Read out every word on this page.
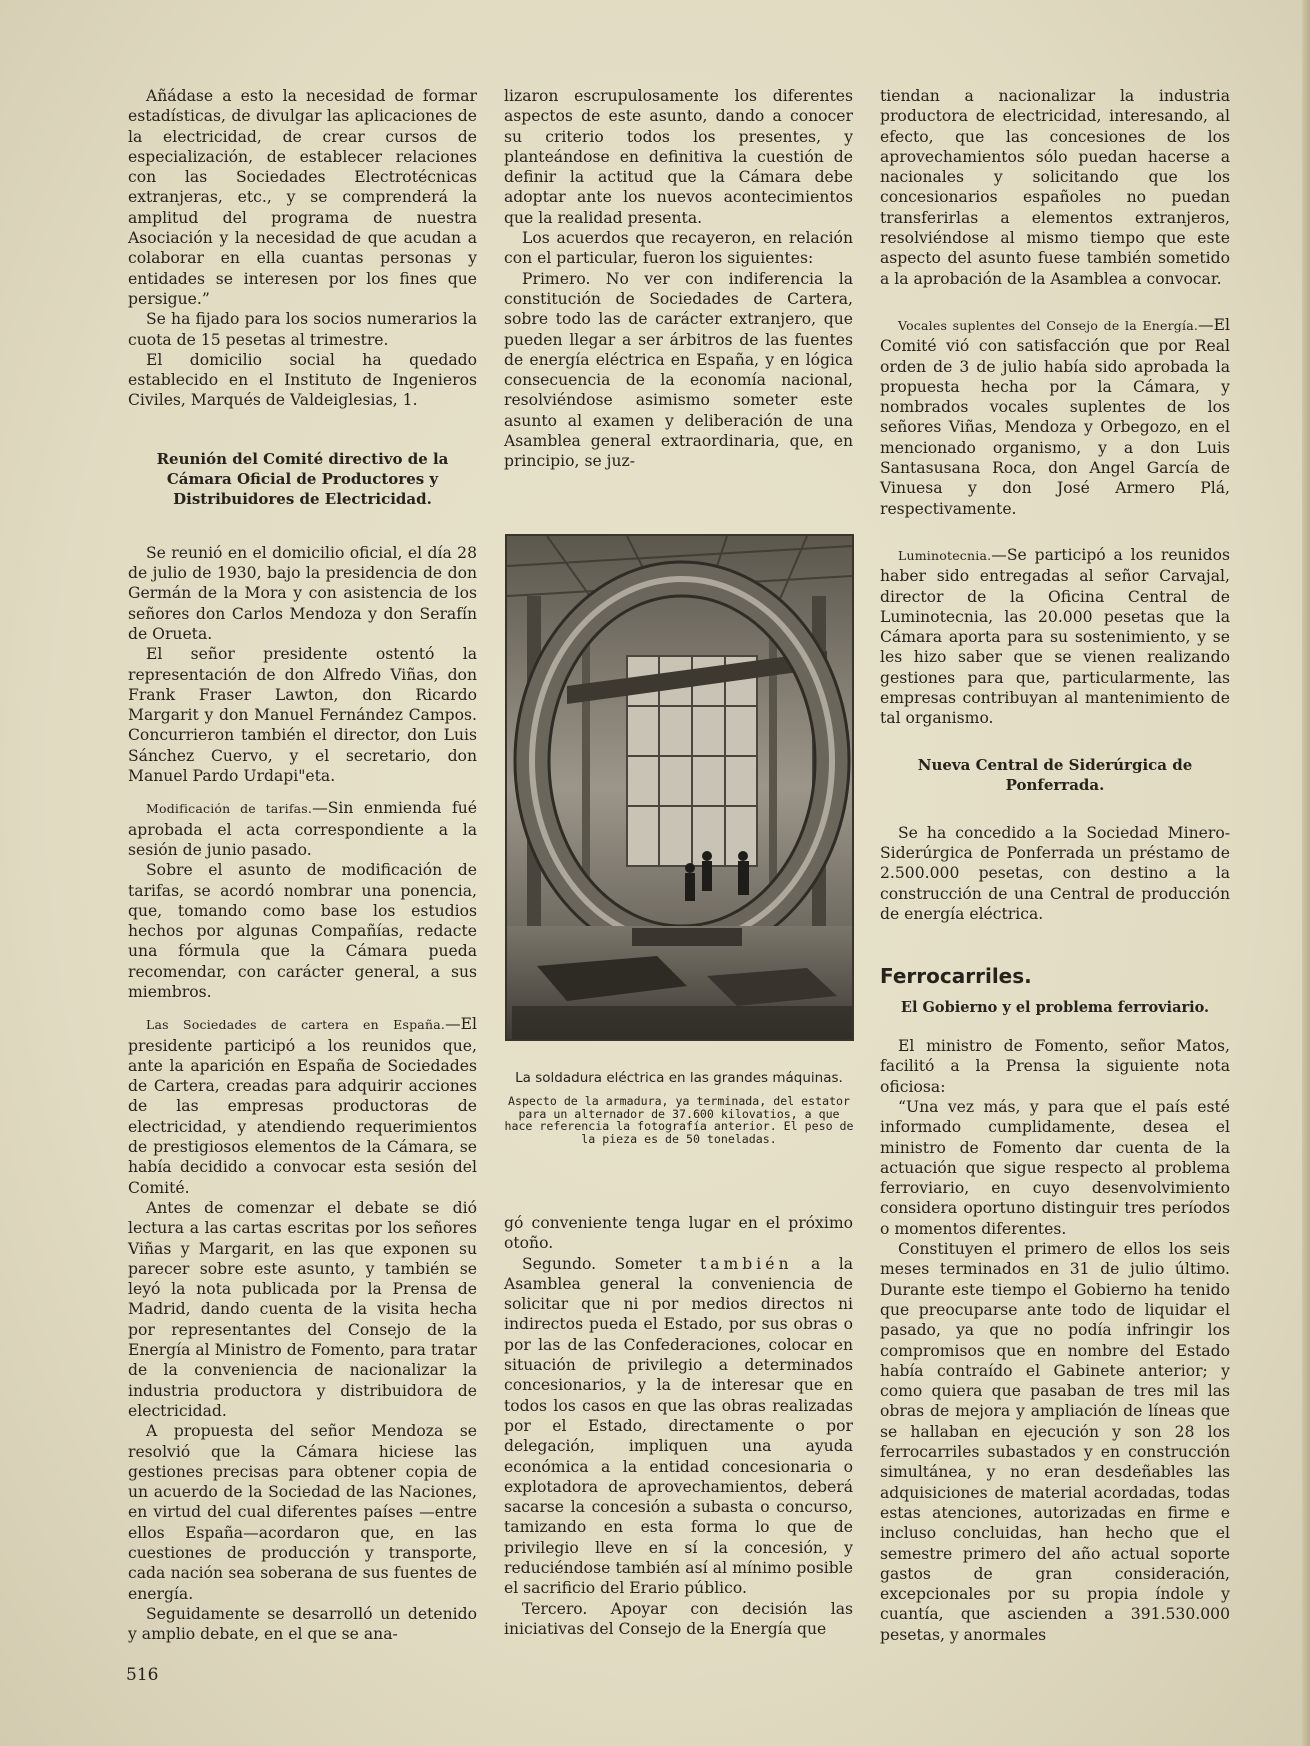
Añádase a esto la necesidad de formar estadísticas, de divulgar las aplicaciones de la electricidad, de crear cursos de especialización, de establecer relaciones con las Sociedades Electrotécnicas extranjeras, etc., y se comprenderá la amplitud del programa de nuestra Asociación y la necesidad de que acudan a colaborar en ella cuantas personas y entidades se interesen por los fines que persigue.”

Se ha fijado para los socios numerarios la cuota de 15 pesetas al trimestre.

El domicilio social ha quedado establecido en el Instituto de Ingenieros Civiles, Marqués de Valdeiglesias, 1.

Reunión del Comité directivo de la Cámara Oficial de Productores y Distribuidores de Electricidad.

Se reunió en el domicilio oficial, el día 28 de julio de 1930, bajo la presidencia de don Germán de la Mora y con asistencia de los señores don Carlos Mendoza y don Serafín de Orueta.

El señor presidente ostentó la representación de don Alfredo Viñas, don Frank Fraser Lawton, don Ricardo Margarit y don Manuel Fernández Campos. Concurrieron también el director, don Luis Sánchez Cuervo, y el secretario, don Manuel Pardo Urdapi"eta.

Modificación de tarifas.—Sin enmienda fué aprobada el acta correspondiente a la sesión de junio pasado.

Sobre el asunto de modificación de tarifas, se acordó nombrar una ponencia, que, tomando como base los estudios hechos por algunas Compañías, redacte una fórmula que la Cámara pueda recomendar, con carácter general, a sus miembros.

Las Sociedades de cartera en España.—El presidente participó a los reunidos que, ante la aparición en España de Sociedades de Cartera, creadas para adquirir acciones de las empresas productoras de electricidad, y atendiendo requerimientos de prestigiosos elementos de la Cámara, se había decidido a convocar esta sesión del Comité.

Antes de comenzar el debate se dió lectura a las cartas escritas por los señores Viñas y Margarit, en las que exponen su parecer sobre este asunto, y también se leyó la nota publicada por la Prensa de Madrid, dando cuenta de la visita hecha por representantes del Consejo de la Energía al Ministro de Fomento, para tratar de la conveniencia de nacionalizar la industria productora y distribuidora de electricidad.

A propuesta del señor Mendoza se resolvió que la Cámara hiciese las gestiones precisas para obtener copia de un acuerdo de la Sociedad de las Naciones, en virtud del cual diferentes países —entre ellos España—acordaron que, en las cuestiones de producción y transporte, cada nación sea soberana de sus fuentes de energía.

Seguidamente se desarrolló un detenido y amplio debate, en el que se ana-

lizaron escrupulosamente los diferentes aspectos de este asunto, dando a conocer su criterio todos los presentes, y planteándose en definitiva la cuestión de definir la actitud que la Cámara debe adoptar ante los nuevos acontecimientos que la realidad presenta.

Los acuerdos que recayeron, en relación con el particular, fueron los siguientes:

Primero. No ver con indiferencia la constitución de Sociedades de Cartera, sobre todo las de carácter extranjero, que pueden llegar a ser árbitros de las fuentes de energía eléctrica en España, y en lógica consecuencia de la economía nacional, resolviéndose asimismo someter este asunto al examen y deliberación de una Asamblea general extraordinaria, que, en principio, se juz-

La soldadura eléctrica en las grandes máquinas.

Aspecto de la armadura, ya terminada, del estator para un alternador de 37.600 kilovatios, a que hace referencia la fotografía anterior. El peso de la pieza es de 50 toneladas.

gó conveniente tenga lugar en el próximo otoño.

Segundo. Someter también a la Asamblea general la conveniencia de solicitar que ni por medios directos ni indirectos pueda el Estado, por sus obras o por las de las Confederaciones, colocar en situación de privilegio a determinados concesionarios, y la de interesar que en todos los casos en que las obras realizadas por el Estado, directamente o por delegación, impliquen una ayuda económica a la entidad concesionaria o explotadora de aprovechamientos, deberá sacarse la concesión a subasta o concurso, tamizando en esta forma lo que de privilegio lleve en sí la concesión, y reduciéndose también así al mínimo posible el sacrificio del Erario público.

Tercero. Apoyar con decisión las iniciativas del Consejo de la Energía que

tiendan a nacionalizar la industria productora de electricidad, interesando, al efecto, que las concesiones de los aprovechamientos sólo puedan hacerse a nacionales y solicitando que los concesionarios españoles no puedan transferirlas a elementos extranjeros, resolviéndose al mismo tiempo que este aspecto del asunto fuese también sometido a la aprobación de la Asamblea a convocar.

Vocales suplentes del Consejo de la Energía.—El Comité vió con satisfacción que por Real orden de 3 de julio había sido aprobada la propuesta hecha por la Cámara, y nombrados vocales suplentes de los señores Viñas, Mendoza y Orbegozo, en el mencionado organismo, y a don Luis Santasusana Roca, don Angel García de Vinuesa y don José Armero Plá, respectivamente.

Luminotecnia.—Se participó a los reunidos haber sido entregadas al señor Carvajal, director de la Oficina Central de Luminotecnia, las 20.000 pesetas que la Cámara aporta para su sostenimiento, y se les hizo saber que se vienen realizando gestiones para que, particularmente, las empresas contribuyan al mantenimiento de tal organismo.

Nueva Central de Siderúrgica de Ponferrada.

Se ha concedido a la Sociedad Minero-Siderúrgica de Ponferrada un préstamo de 2.500.000 pesetas, con destino a la construcción de una Central de producción de energía eléctrica.

Ferrocarriles.
El Gobierno y el problema ferroviario.

El ministro de Fomento, señor Matos, facilitó a la Prensa la siguiente nota oficiosa:

“Una vez más, y para que el país esté informado cumplidamente, desea el ministro de Fomento dar cuenta de la actuación que sigue respecto al problema ferroviario, en cuyo desenvolvimiento considera oportuno distinguir tres períodos o momentos diferentes.

Constituyen el primero de ellos los seis meses terminados en 31 de julio último. Durante este tiempo el Gobierno ha tenido que preocuparse ante todo de liquidar el pasado, ya que no podía infringir los compromisos que en nombre del Estado había contraído el Gabinete anterior; y como quiera que pasaban de tres mil las obras de mejora y ampliación de líneas que se hallaban en ejecución y son 28 los ferrocarriles subastados y en construcción simultánea, y no eran desdeñables las adquisiciones de material acordadas, todas estas atenciones, autorizadas en firme e incluso concluidas, han hecho que el semestre primero del año actual soporte gastos de gran consideración, excepcionales por su propia índole y cuantía, que ascienden a 391.530.000 pesetas, y anormales

516
